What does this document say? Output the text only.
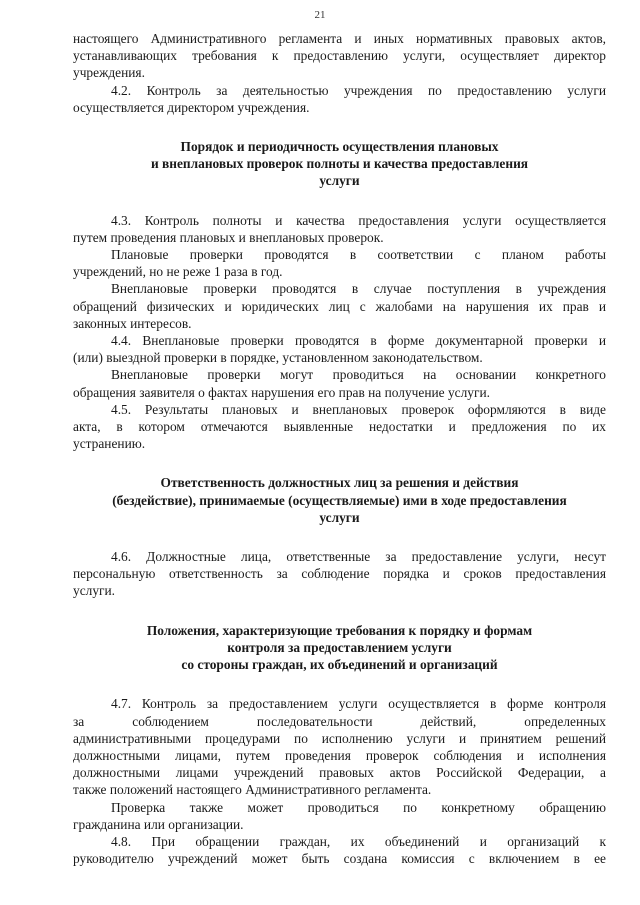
21
настоящего Административного регламента и иных нормативных правовых актов,
устанавливающих требования к предоставлению услуги, осуществляет директор
учреждения.
4.2. Контроль за деятельностью учреждения по предоставлению услуги
осуществляется директором учреждения.
Порядок и периодичность осуществления плановых
и внеплановых проверок полноты и качества предоставления
услуги
4.3. Контроль полноты и качества предоставления услуги осуществляется
путем проведения плановых и внеплановых проверок.
Плановые проверки проводятся в соответствии с планом работы
учреждений, но не реже 1 раза в год.
Внеплановые проверки проводятся в случае поступления в учреждения
обращений физических и юридических лиц с жалобами на нарушения их прав и
законных интересов.
4.4. Внеплановые проверки проводятся в форме документарной проверки и
(или) выездной проверки в порядке, установленном законодательством.
Внеплановые проверки могут проводиться на основании конкретного
обращения заявителя о фактах нарушения его прав на получение услуги.
4.5. Результаты плановых и внеплановых проверок оформляются в виде
акта, в котором отмечаются выявленные недостатки и предложения по их
устранению.
Ответственность должностных лиц за решения и действия
(бездействие), принимаемые (осуществляемые) ими в ходе предоставления
услуги
4.6. Должностные лица, ответственные за предоставление услуги, несут
персональную ответственность за соблюдение порядка и сроков предоставления
услуги.
Положения, характеризующие требования к порядку и формам
контроля за предоставлением услуги
со стороны граждан, их объединений и организаций
4.7. Контроль за предоставлением услуги осуществляется в форме контроля
за соблюдением последовательности действий, определенных
административными процедурами по исполнению услуги и принятием решений
должностными лицами, путем проведения проверок соблюдения и исполнения
должностными лицами учреждений правовых актов Российской Федерации, а
также положений настоящего Административного регламента.
Проверка также может проводиться по конкретному обращению
гражданина или организации.
4.8. При обращении граждан, их объединений и организаций к
руководителю учреждений может быть создана комиссия с включением в ее
